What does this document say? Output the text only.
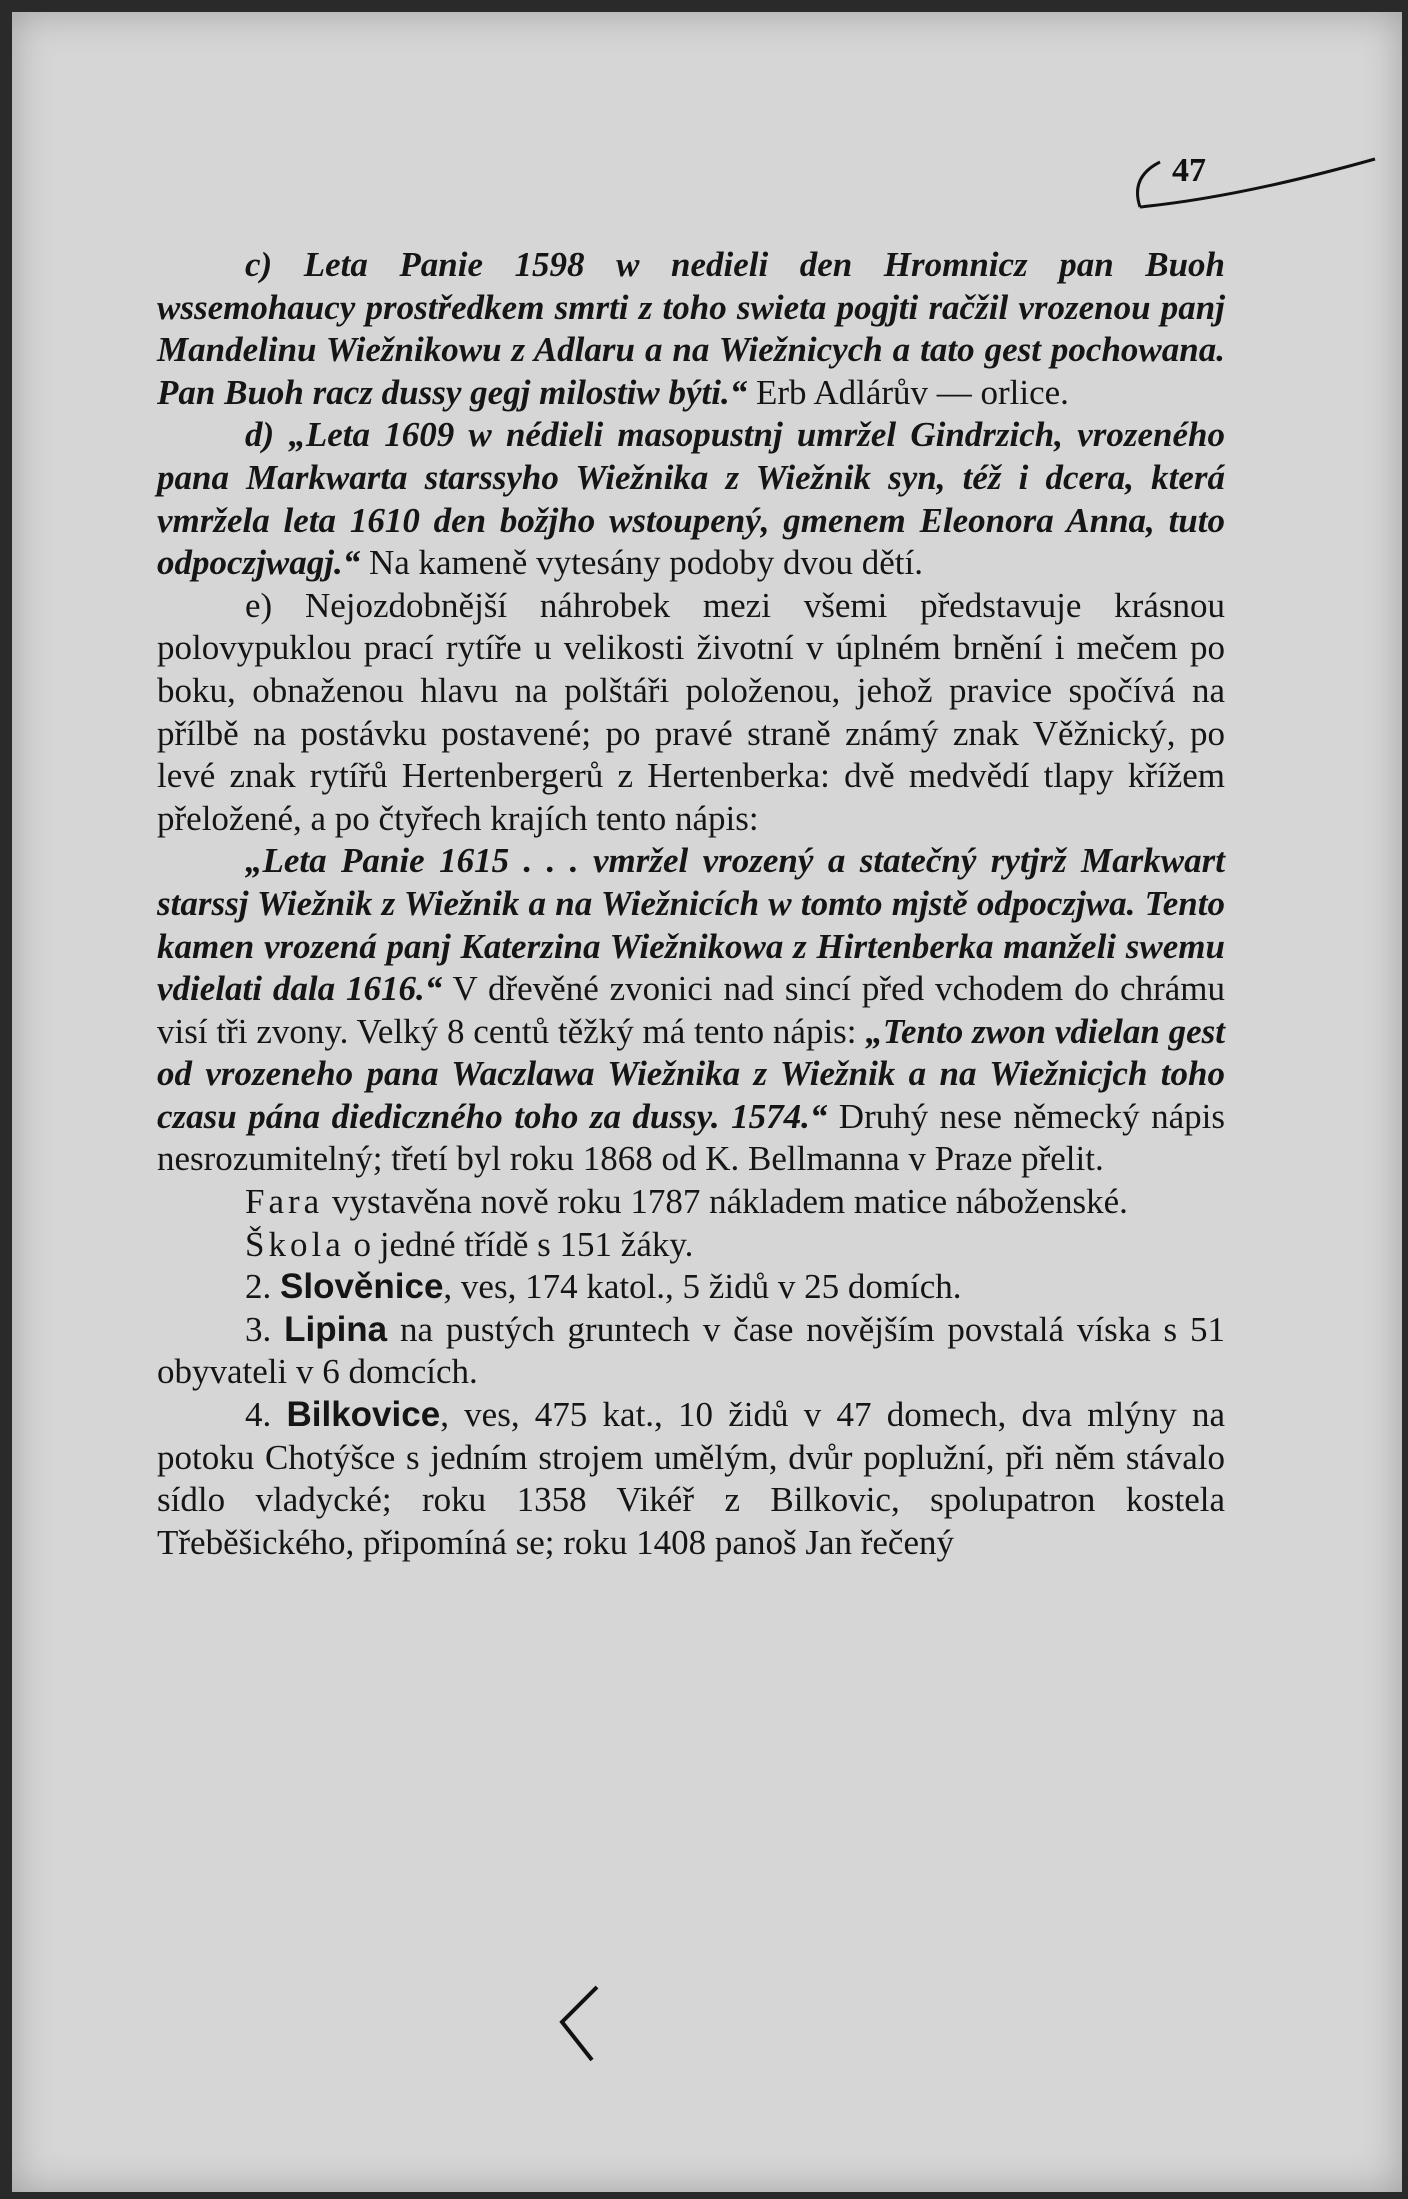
47

c) Leta Panie 1598 w nedieli den Hromnicz pan Buoh wssemohaucy prostředkem smrti z toho swieta pogjti račžil vrozenou panj Mandelinu Wiežnikowu z Adlaru a na Wiežnicych a tato gest pochowana. Pan Buoh racz dussy gegj milostiw býti.“ Erb Adlárův — orlice.

d) „Leta 1609 w nédieli masopustnj umržel Gindrzich, vrozeného pana Markwarta starssyho Wiežnika z Wiežnik syn, též i dcera, která vmržela leta 1610 den božjho wstoupený, gmenem Eleonora Anna, tuto odpoczjwagj.“ Na kameně vytesány podoby dvou dětí.

e) Nejozdobnější náhrobek mezi všemi představuje krásnou polovypuklou prací rytíře u velikosti životní v úplném brnění i mečem po boku, obnaženou hlavu na polštáři položenou, jehož pravice spočívá na přílbě na postávku postavené; po pravé straně známý znak Věžnický, po levé znak rytířů Hertenbergerů z Hertenberka: dvě medvědí tlapy křížem přeložené, a po čtyřech krajích tento nápis:

„Leta Panie 1615 . . . vmržel vrozený a statečný rytjrž Markwart starssj Wiežnik z Wiežnik a na Wiežnicích w tomto mjstě odpoczjwa. Tento kamen vrozená panj Katerzina Wiežnikowa z Hirtenberka manželi swemu vdielati dala 1616.“ V dřevěné zvonici nad sincí před vchodem do chrámu visí tři zvony. Velký 8 centů těžký má tento nápis: „Tento zwon vdielan gest od vrozeneho pana Waczlawa Wiežnika z Wiežnik a na Wiežnicjch toho czasu pána diediczného toho za dussy. 1574.“ Druhý nese německý nápis nesrozumitelný; třetí byl roku 1868 od K. Bellmanna v Praze přelit.

Fara vystavěna nově roku 1787 nákladem matice náboženské.

Škola o jedné třídě s 151 žáky.

2. Slověnice, ves, 174 katol., 5 židů v 25 domích.

3. Lipina na pustých gruntech v čase novějším povstalá víska s 51 obyvateli v 6 domcích.

4. Bilkovice, ves, 475 kat., 10 židů v 47 domech, dva mlýny na potoku Chotýšce s jedním strojem umělým, dvůr poplužní, při něm stávalo sídlo vladycké; roku 1358 Vikéř z Bilkovic, spolupatron kostela Třeběšického, připomíná se; roku 1408 panoš Jan řečený
